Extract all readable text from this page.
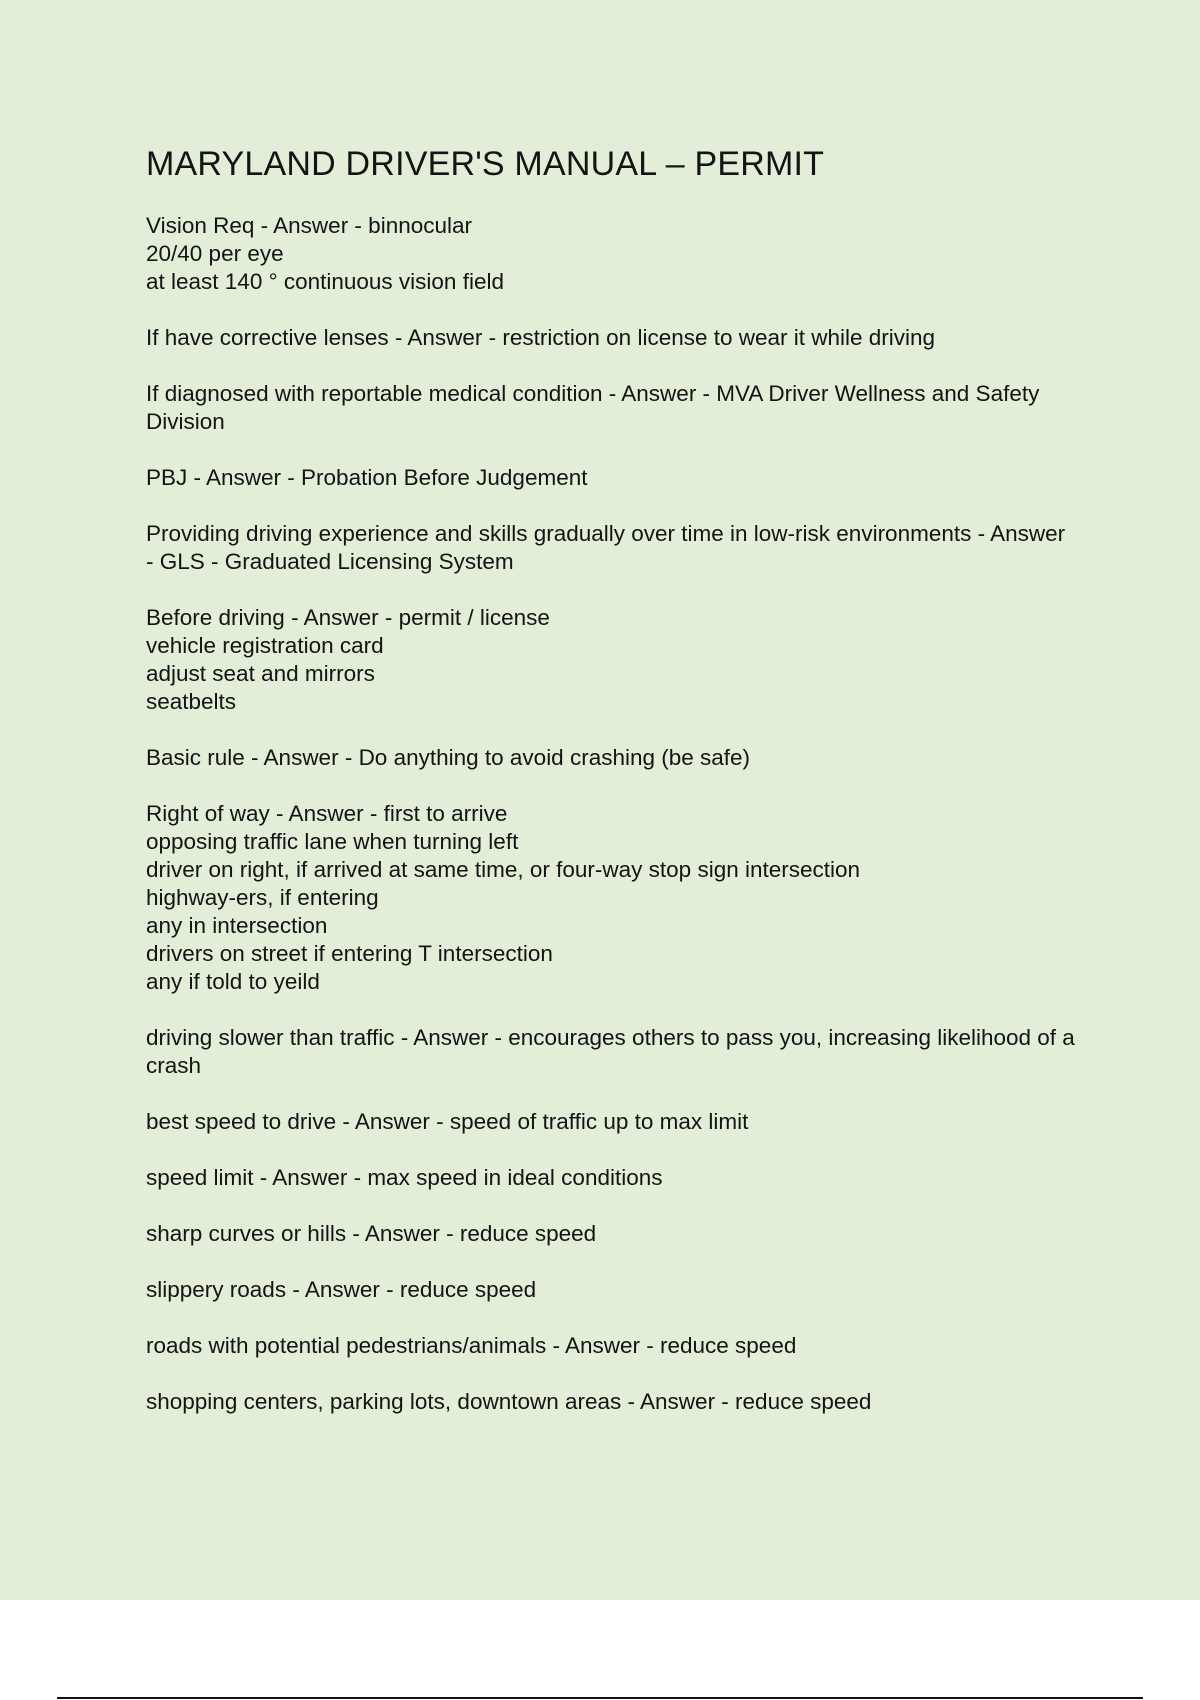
MARYLAND DRIVER'S MANUAL – PERMIT
Vision Req - Answer - binnocular
20/40 per eye
at least 140 ° continuous vision field
If have corrective lenses - Answer - restriction on license to wear it while driving
If diagnosed with reportable medical condition - Answer - MVA Driver Wellness and Safety Division
PBJ - Answer - Probation Before Judgement
Providing driving experience and skills gradually over time in low-risk environments - Answer - GLS - Graduated Licensing System
Before driving - Answer - permit / license
vehicle registration card
adjust seat and mirrors
seatbelts
Basic rule - Answer - Do anything to avoid crashing (be safe)
Right of way - Answer - first to arrive
opposing traffic lane when turning left
driver on right, if arrived at same time, or four-way stop sign intersection
highway-ers, if entering
any in intersection
drivers on street if entering T intersection
any if told to yeild
driving slower than traffic - Answer - encourages others to pass you, increasing likelihood of a crash
best speed to drive - Answer - speed of traffic up to max limit
speed limit - Answer - max speed in ideal conditions
sharp curves or hills - Answer - reduce speed
slippery roads - Answer - reduce speed
roads with potential pedestrians/animals - Answer - reduce speed
shopping centers, parking lots, downtown areas - Answer - reduce speed
